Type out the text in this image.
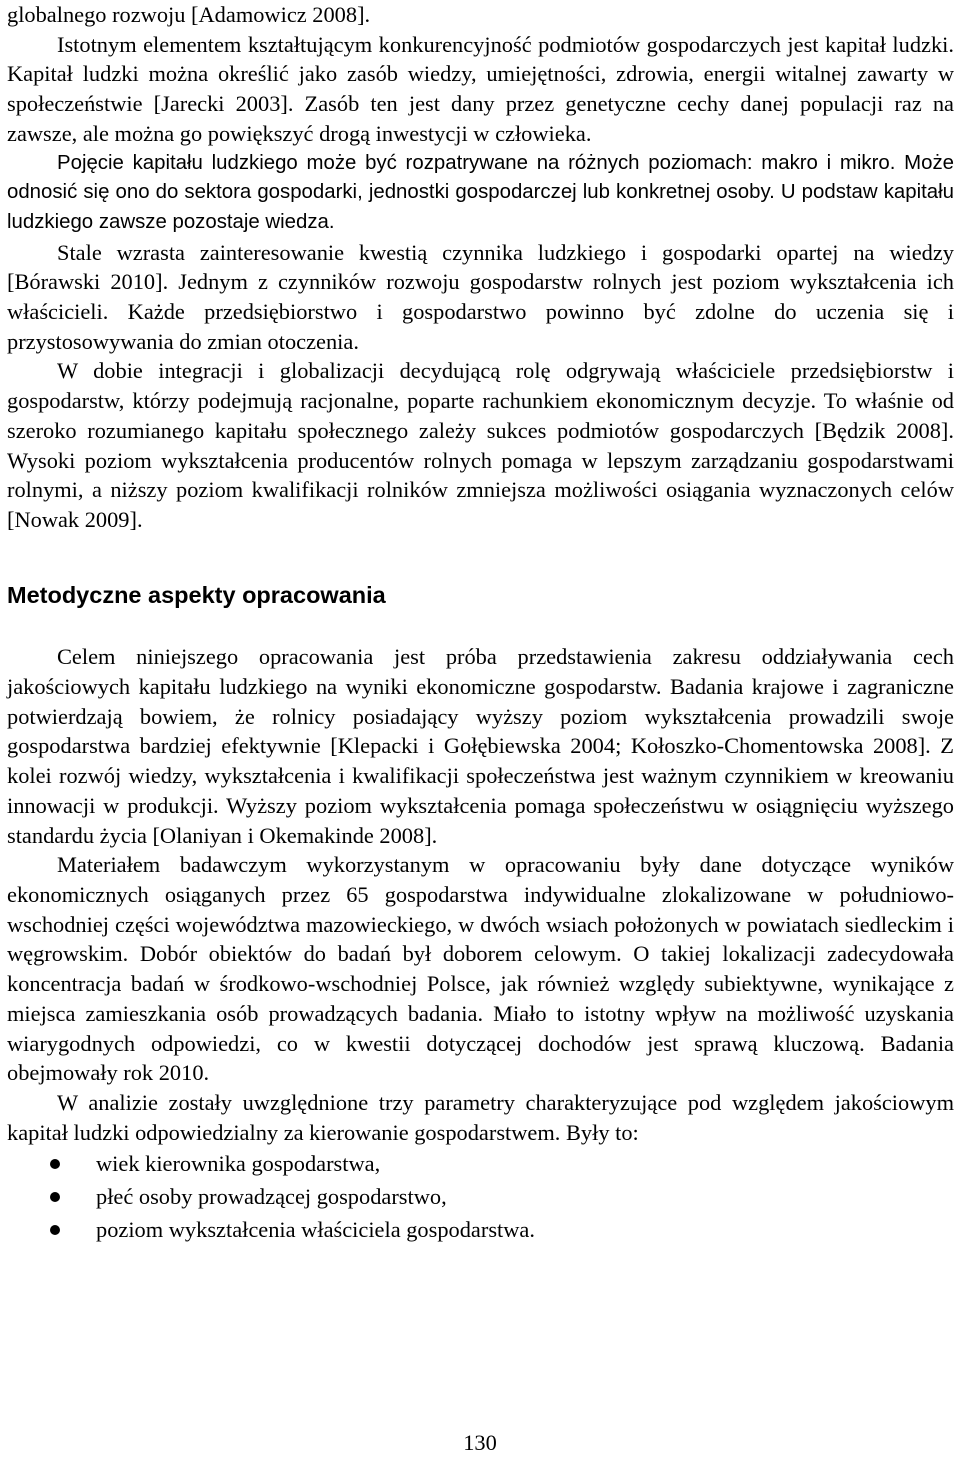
globalnego rozwoju [Adamowicz 2008].

Istotnym elementem kształtującym konkurencyjność podmiotów gospodarczych jest kapitał ludzki. Kapitał ludzki można określić jako zasób wiedzy, umiejętności, zdrowia, energii witalnej zawarty w społeczeństwie [Jarecki 2003]. Zasób ten jest dany przez genetyczne cechy danej populacji raz na zawsze, ale można go powiększyć drogą inwestycji w człowieka.

Pojęcie kapitału ludzkiego może być rozpatrywane na różnych poziomach: makro i mikro. Może odnosić się ono do sektora gospodarki, jednostki gospodarczej lub konkretnej osoby. U podstaw kapitału ludzkiego zawsze pozostaje wiedza.

Stale wzrasta zainteresowanie kwestią czynnika ludzkiego i gospodarki opartej na wiedzy [Bórawski 2010]. Jednym z czynników rozwoju gospodarstw rolnych jest poziom wykształcenia ich właścicieli. Każde przedsiębiorstwo i gospodarstwo powinno być zdolne do uczenia się i przystosowywania do zmian otoczenia.

W dobie integracji i globalizacji decydującą rolę odgrywają właściciele przedsiębiorstw i gospodarstw, którzy podejmują racjonalne, poparte rachunkiem ekonomicznym decyzje. To właśnie od szeroko rozumianego kapitału społecznego zależy sukces podmiotów gospodarczych [Będzik 2008]. Wysoki poziom wykształcenia producentów rolnych pomaga w lepszym zarządzaniu gospodarstwami rolnymi, a niższy poziom kwalifikacji rolników zmniejsza możliwości osiągania wyznaczonych celów [Nowak 2009].

Metodyczne aspekty opracowania

Celem niniejszego opracowania jest próba przedstawienia zakresu oddziaływania cech jakościowych kapitału ludzkiego na wyniki ekonomiczne gospodarstw. Badania krajowe i zagraniczne potwierdzają bowiem, że rolnicy posiadający wyższy poziom wykształcenia prowadzili swoje gospodarstwa bardziej efektywnie [Klepacki i Gołębiewska 2004; Kołoszko-Chomentowska 2008]. Z kolei rozwój wiedzy, wykształcenia i kwalifikacji społeczeństwa jest ważnym czynnikiem w kreowaniu innowacji w produkcji. Wyższy poziom wykształcenia pomaga społeczeństwu w osiągnięciu wyższego standardu życia [Olaniyan i Okemakinde 2008].

Materiałem badawczym wykorzystanym w opracowaniu były dane dotyczące wyników ekonomicznych osiąganych przez 65 gospodarstwa indywidualne zlokalizowane w południowo-wschodniej części województwa mazowieckiego, w dwóch wsiach położonych w powiatach siedleckim i węgrowskim. Dobór obiektów do badań był doborem celowym. O takiej lokalizacji zadecydowała koncentracja badań w środkowo-wschodniej Polsce, jak również względy subiektywne, wynikające z miejsca zamieszkania osób prowadzących badania. Miało to istotny wpływ na możliwość uzyskania wiarygodnych odpowiedzi, co w kwestii dotyczącej dochodów jest sprawą kluczową. Badania obejmowały rok 2010.

W analizie zostały uwzględnione trzy parametry charakteryzujące pod względem jakościowym kapitał ludzki odpowiedzialny za kierowanie gospodarstwem. Były to:

wiek kierownika gospodarstwa,
płeć osoby prowadzącej gospodarstwo,
poziom wykształcenia właściciela gospodarstwa.
130
